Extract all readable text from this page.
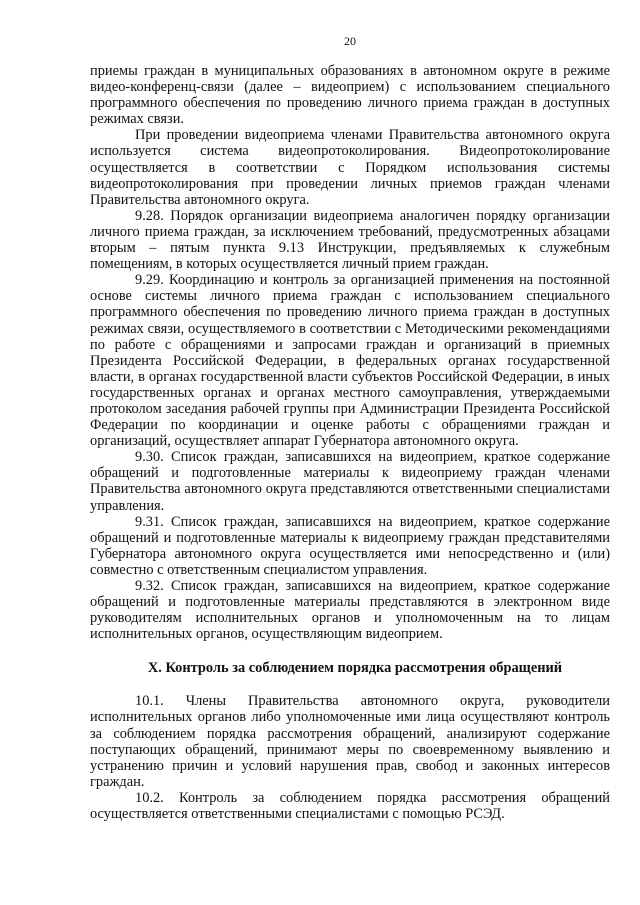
20

приемы граждан в муниципальных образованиях в автономном округе в режиме видео-конференц-связи (далее – видеоприем) с использованием специального программного обеспечения по проведению личного приема граждан в доступных режимах связи.

При проведении видеоприема членами Правительства автономного округа используется система видеопротоколирования. Видеопротоколирование осуществляется в соответствии с Порядком использования системы видеопротоколирования при проведении личных приемов граждан членами Правительства автономного округа.

9.28. Порядок организации видеоприема аналогичен порядку организации личного приема граждан, за исключением требований, предусмотренных абзацами вторым – пятым пункта 9.13 Инструкции, предъявляемых к служебным помещениям, в которых осуществляется личный прием граждан.

9.29. Координацию и контроль за организацией применения на постоянной основе системы личного приема граждан с использованием специального программного обеспечения по проведению личного приема граждан в доступных режимах связи, осуществляемого в соответствии с Методическими рекомендациями по работе с обращениями и запросами граждан и организаций в приемных Президента Российской Федерации, в федеральных органах государственной власти, в органах государственной власти субъектов Российской Федерации, в иных государственных органах и органах местного самоуправления, утверждаемыми протоколом заседания рабочей группы при Администрации Президента Российской Федерации по координации и оценке работы с обращениями граждан и организаций, осуществляет аппарат Губернатора автономного округа.

9.30. Список граждан, записавшихся на видеоприем, краткое содержание обращений и подготовленные материалы к видеоприему граждан членами Правительства автономного округа представляются ответственными специалистами управления.

9.31. Список граждан, записавшихся на видеоприем, краткое содержание обращений и подготовленные материалы к видеоприему граждан представителями Губернатора автономного округа осуществляется ими непосредственно и (или) совместно с ответственным специалистом управления.

9.32. Список граждан, записавшихся на видеоприем, краткое содержание обращений и подготовленные материалы представляются в электронном виде руководителям исполнительных органов и уполномоченным на то лицам исполнительных органов, осуществляющим видеоприем.

X. Контроль за соблюдением порядка рассмотрения обращений

10.1. Члены Правительства автономного округа, руководители исполнительных органов либо уполномоченные ими лица осуществляют контроль за соблюдением порядка рассмотрения обращений, анализируют содержание поступающих обращений, принимают меры по своевременному выявлению и устранению причин и условий нарушения прав, свобод и законных интересов граждан.

10.2. Контроль за соблюдением порядка рассмотрения обращений осуществляется ответственными специалистами с помощью РСЭД.
